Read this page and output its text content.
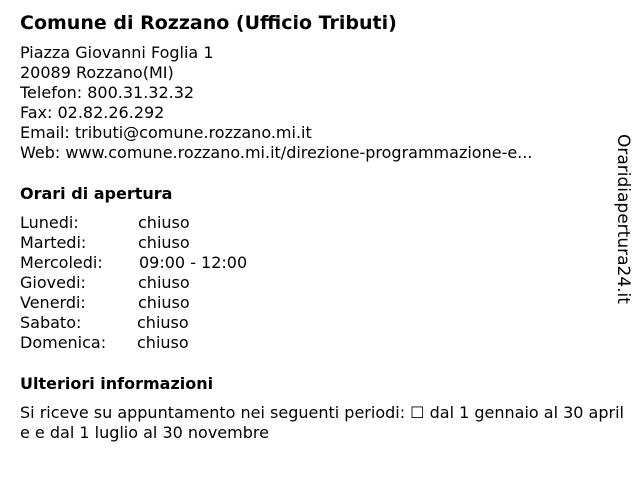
Comune di Rozzano (Ufficio Tributi)
Piazza Giovanni Foglia 1
20089 Rozzano(MI)
Telefon: 800.31.32.32
Fax: 02.82.26.292
Email: tributi@comune.rozzano.mi.it
Web: www.comune.rozzano.mi.it/direzione-programmazione-e...
Orari di apertura
Lunedi:	chiuso
Martedi:	chiuso
Mercoledi: 09:00 - 12:00
Giovedi:	chiuso
Venerdi:	chiuso
Sabato:	chiuso
Domenica: chiuso
Ulteriori informazioni
Si riceve su appuntamento nei seguenti periodi: ☐ dal 1 gennaio al 30 aprile e dal 1 luglio al 30 novembre
Oraridiapertura24.it
